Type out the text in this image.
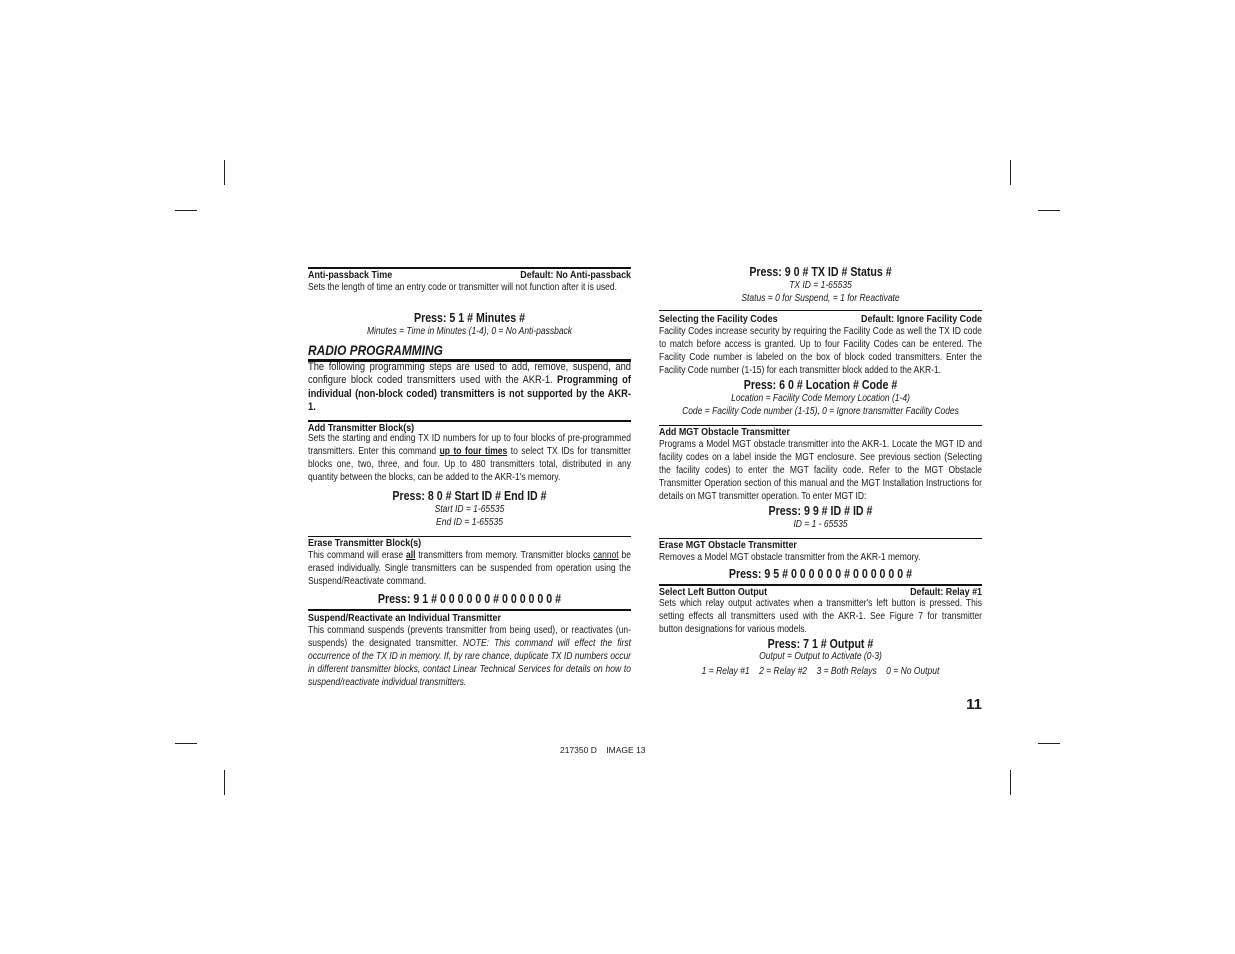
Anti-passback Time	Default: No Anti-passback
Sets the length of time an entry code or transmitter will not function after it is used.
Press: 5 1 # Minutes #
Minutes = Time in Minutes (1-4), 0 = No Anti-passback
RADIO PROGRAMMING
The following programming steps are used to add, remove, suspend, and configure block coded transmitters used with the AKR-1. Programming of individual (non-block coded) transmitters is not supported by the AKR-1.
Add Transmitter Block(s)
Sets the starting and ending TX ID numbers for up to four blocks of pre-programmed transmitters. Enter this command up to four times to select TX IDs for transmitter blocks one, two, three, and four. Up to 480 transmitters total, distributed in any quantity between the blocks, can be added to the AKR-1's memory.
Press: 8 0 # Start ID # End ID #
Start ID = 1-65535
End ID = 1-65535
Erase Transmitter Block(s)
This command will erase all transmitters from memory. Transmitter blocks cannot be erased individually. Single transmitters can be suspended from operation using the Suspend/Reactivate command.
Press: 9 1 # 0 0 0 0 0 0 # 0 0 0 0 0 0 #
Suspend/Reactivate an Individual Transmitter
This command suspends (prevents transmitter from being used), or reactivates (un-suspends) the designated transmitter. NOTE: This command will effect the first occurrence of the TX ID in memory. If, by rare chance, duplicate TX ID numbers occur in different transmitter blocks, contact Linear Technical Services for details on how to suspend/reactivate individual transmitters.
Press: 9 0 # TX ID # Status #
TX ID = 1-65535
Status = 0 for Suspend, = 1 for Reactivate
Selecting the Facility Codes	Default: Ignore Facility Code
Facility Codes increase security by requiring the Facility Code as well the TX ID code to match before access is granted. Up to four Facility Codes can be entered. The Facility Code number is labeled on the box of block coded transmitters. Enter the Facility Code number (1-15) for each transmitter block added to the AKR-1.
Press: 6 0 # Location # Code #
Location = Facility Code Memory Location (1-4)
Code = Facility Code number (1-15), 0 = Ignore transmitter Facility Codes
Add MGT Obstacle Transmitter
Programs a Model MGT obstacle transmitter into the AKR-1. Locate the MGT ID and facility codes on a label inside the MGT enclosure. See previous section (Selecting the facility codes) to enter the MGT facility code. Refer to the MGT Obstacle Transmitter Operation section of this manual and the MGT Installation Instructions for details on MGT transmitter operation. To enter MGT ID:
Press: 9 9 # ID # ID #
ID = 1 - 65535
Erase MGT Obstacle Transmitter
Removes a Model MGT obstacle transmitter from the AKR-1 memory.
Press: 9 5 # 0 0 0 0 0 0 # 0 0 0 0 0 0 #
Select Left Button Output	Default: Relay #1
Sets which relay output activates when a transmitter's left button is pressed. This setting effects all transmitters used with the AKR-1. See Figure 7 for transmitter button designations for various models.
Press: 7 1 # Output #
Output = Output to Activate (0-3)
1 = Relay #1    2 = Relay #2    3 = Both Relays    0 = No Output
11
217350 D    IMAGE 13
